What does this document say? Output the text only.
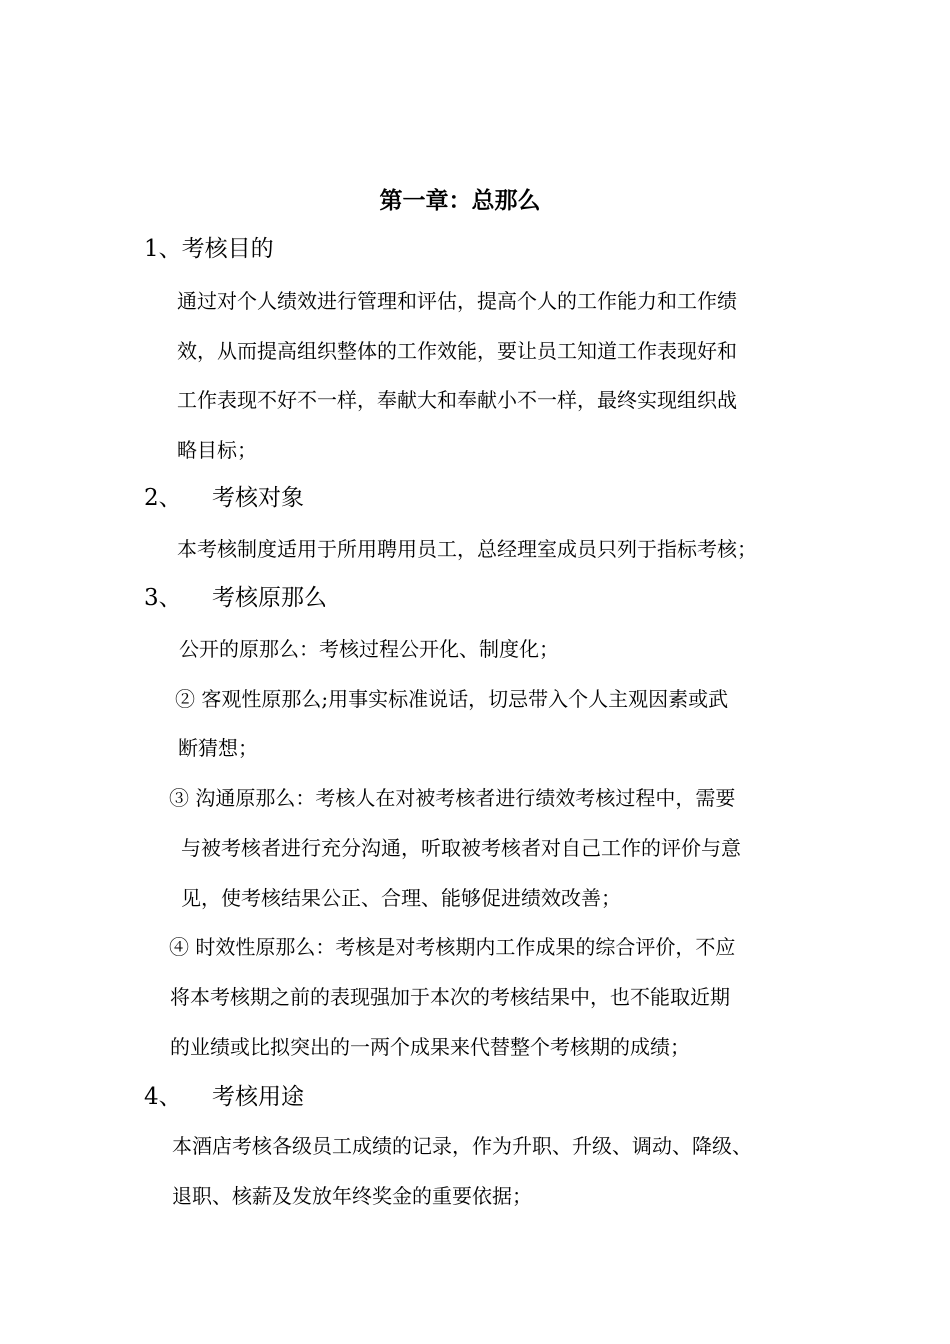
第一章：总那么
1、考核目的
通过对个人绩效进行管理和评估，提高个人的工作能力和工作绩
效，从而提高组织整体的工作效能，要让员工知道工作表现好和
工作表现不好不一样，奉献大和奉献小不一样，最终实现组织战
略目标；
2、 考核对象
本考核制度适用于所用聘用员工，总经理室成员只列于指标考核；
3、 考核原那么
公开的原那么：考核过程公开化、制度化；
② 客观性原那么;用事实标准说话，切忌带入个人主观因素或武
断猜想；
③ 沟通原那么：考核人在对被考核者进行绩效考核过程中，需要
与被考核者进行充分沟通，听取被考核者对自己工作的评价与意
见，使考核结果公正、合理、能够促进绩效改善；
④ 时效性原那么：考核是对考核期内工作成果的综合评价，不应
将本考核期之前的表现强加于本次的考核结果中，也不能取近期
的业绩或比拟突出的一两个成果来代替整个考核期的成绩；
4、 考核用途
本酒店考核各级员工成绩的记录，作为升职、升级、调动、降级、
退职、核薪及发放年终奖金的重要依据；
